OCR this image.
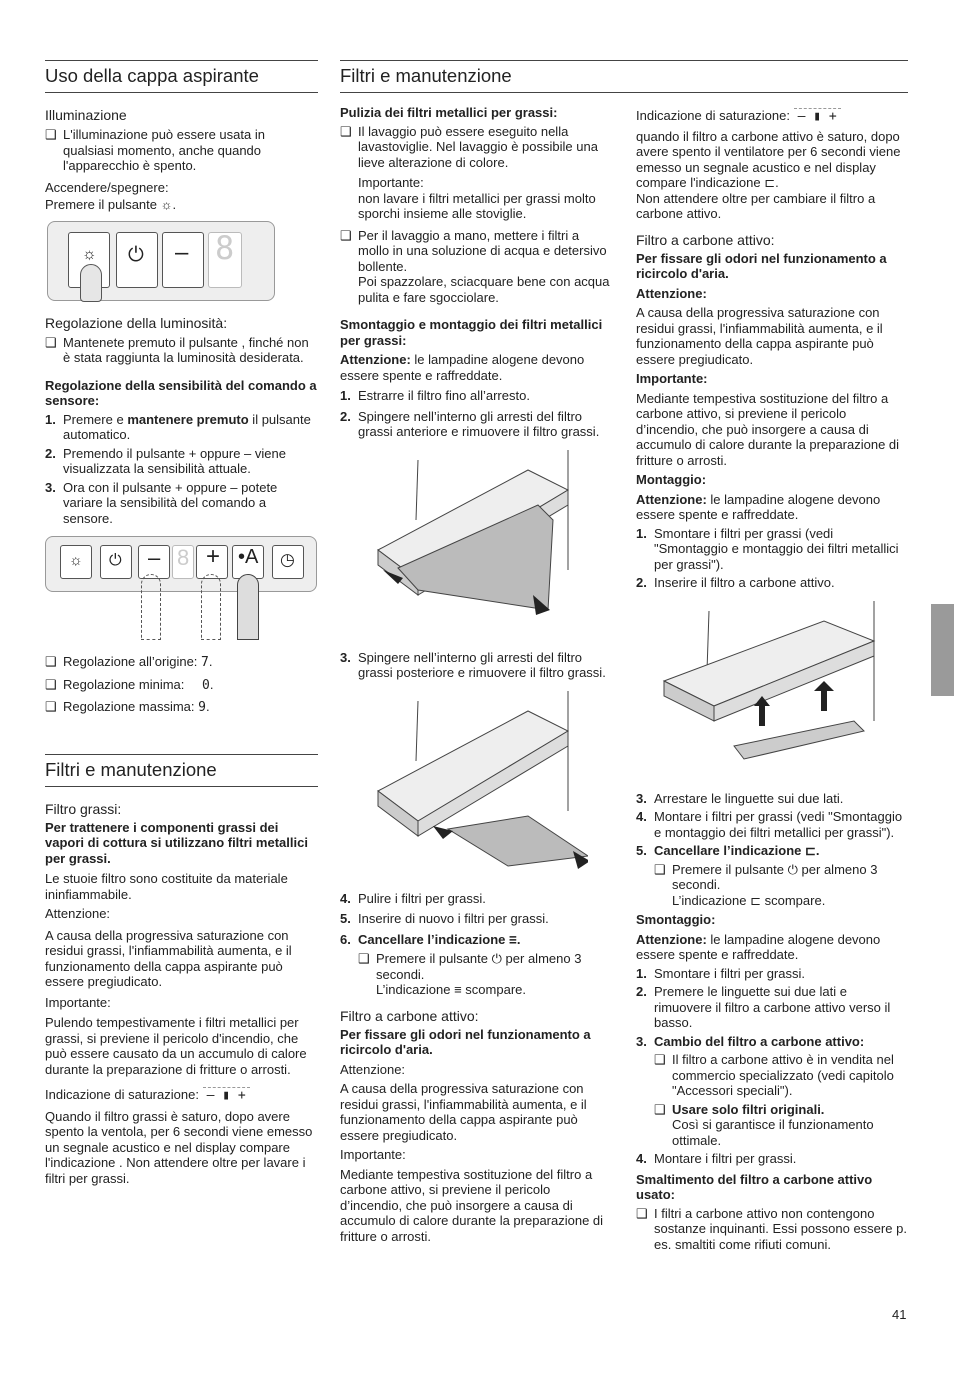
Uso della cappa aspirante
Illuminazione
❑ L'illuminazione può essere usata in qualsiasi momento, anche quando l'apparecchio è spento.

Accendere/spegnere:

Premere il pulsante ☼.

☼ ⏻ – 8
Regolazione della luminosità:
❑ Mantenete premuto il pulsante , finché non è stata raggiunta la luminosità desiderata.

Regolazione della sensibilità del comando a sensore:

1. Premere e mantenere premuto il pulsante automatico.
2. Premendo il pulsante + oppure – viene visualizzata la sensibilità attuale.
3. Ora con il pulsante + oppure – potete variare la sensibilità del comando a sensore.
☼ ⏻ – 8 + •A ◷
❑ Regolazione all’origine: 7.
❑ Regolazione minima: 0.
❑ Regolazione massima: 9.
Filtri e manutenzione
Filtro grassi:

Per trattenere i componenti grassi dei vapori di cottura si utilizzano filtri metallici per grassi.

Le stuoie filtro sono costituite da materiale ininfiammabile.

Attenzione:

A causa della progressiva saturazione con residui grassi, l'infiammabilità aumenta, e il funzionamento della cappa aspirante può essere pregiudicato.

Importante:

Pulendo tempestivamente i filtri metallici per grassi, si previene il pericolo d'incendio, che può essere causato da un accumulo di calore durante la preparazione di fritture o arrosti.

Indicazione di saturazione: – ▮ +

Quando il filtro grassi è saturo, dopo avere spento la ventola, per 6 secondi viene emesso un segnale acustico e nel display compare l'indicazione . Non attendere oltre per lavare i filtri per grassi.

Filtri e manutenzione

Pulizia dei filtri metallici per grassi:

❑ Il lavaggio può essere eseguito nella lavastoviglie. Nel lavaggio è possibile una lieve alterazione di colore.
Importante:
non lavare i filtri metallici per grassi molto sporchi insieme alle stoviglie.
❑ Per il lavaggio a mano, mettere i filtri a mollo in una soluzione di acqua e detersivo bollente.
Poi spazzolare, sciacquare bene con acqua pulita e fare sgocciolare.

Smontaggio e montaggio dei filtri metallici per grassi:

Attenzione: le lampadine alogene devono essere spente e raffreddate.

1. Estrarre il filtro fino all’arresto.
2. Spingere nell’interno gli arresti del filtro grassi anteriore e rimuovere il filtro grassi.
3. Spingere nell’interno gli arresti del filtro grassi posteriore e rimuovere il filtro grassi.
4. Pulire i filtri per grassi.
5. Inserire di nuovo i filtri per grassi.
6. Cancellare l’indicazione ≡.
❑ Premere il pulsante ⏻ per almeno 3 secondi.
L’indicazione ≡ scompare.
Filtro a carbone attivo:

Per fissare gli odori nel funzionamento a ricircolo d'aria.

Attenzione:

A causa della progressiva saturazione con residui grassi, l'infiammabilità aumenta, e il funzionamento della cappa aspirante può essere pregiudicato.

Importante:

Mediante tempestiva sostituzione del filtro a carbone attivo, si previene il pericolo d’incendio, che può insorgere a causa di accumulo di calore durante la preparazione di fritture o arrosti.

Indicazione di saturazione: – ▮ +

quando il filtro a carbone attivo è saturo, dopo avere spento il ventilatore per 6 secondi viene emesso un segnale acustico e nel display compare l'indicazione ⊏.
Non attendere oltre per cambiare il filtro a carbone attivo.

Filtro a carbone attivo:

Per fissare gli odori nel funzionamento a ricircolo d'aria.

Attenzione:

A causa della progressiva saturazione con residui grassi, l'infiammabilità aumenta, e il funzionamento della cappa aspirante può essere pregiudicato.

Importante:

Mediante tempestiva sostituzione del filtro a carbone attivo, si previene il pericolo d’incendio, che può insorgere a causa di accumulo di calore durante la preparazione di fritture o arrosti.

Montaggio:

Attenzione: le lampadine alogene devono essere spente e raffreddate.

1. Smontare i filtri per grassi (vedi "Smontaggio e montaggio dei filtri metallici per grassi").
2. Inserire il filtro a carbone attivo.
3. Arrestare le linguette sui due lati.
4. Montare i filtri per grassi (vedi "Smontaggio e montaggio dei filtri metallici per grassi").
5. Cancellare l’indicazione ⊏.
❑ Premere il pulsante ⏻ per almeno 3 secondi.
L’indicazione ⊏ scompare.

Smontaggio:

Attenzione: le lampadine alogene devono essere spente e raffreddate.

1. Smontare i filtri per grassi.
2. Premere le linguette sui due lati e rimuovere il filtro a carbone attivo verso il basso.
3. Cambio del filtro a carbone attivo:
❑ Il filtro a carbone attivo è in vendita nel commercio specializzato (vedi capitolo "Accessori speciali").
❑ Usare solo filtri originali.
Così si garantisce il funzionamento ottimale.
4. Montare i filtri per grassi.

Smaltimento del filtro a carbone attivo usato:

❑ I filtri a carbone attivo non contengono sostanze inquinanti. Essi possono essere p. es. smaltiti come rifiuti comuni.
41
